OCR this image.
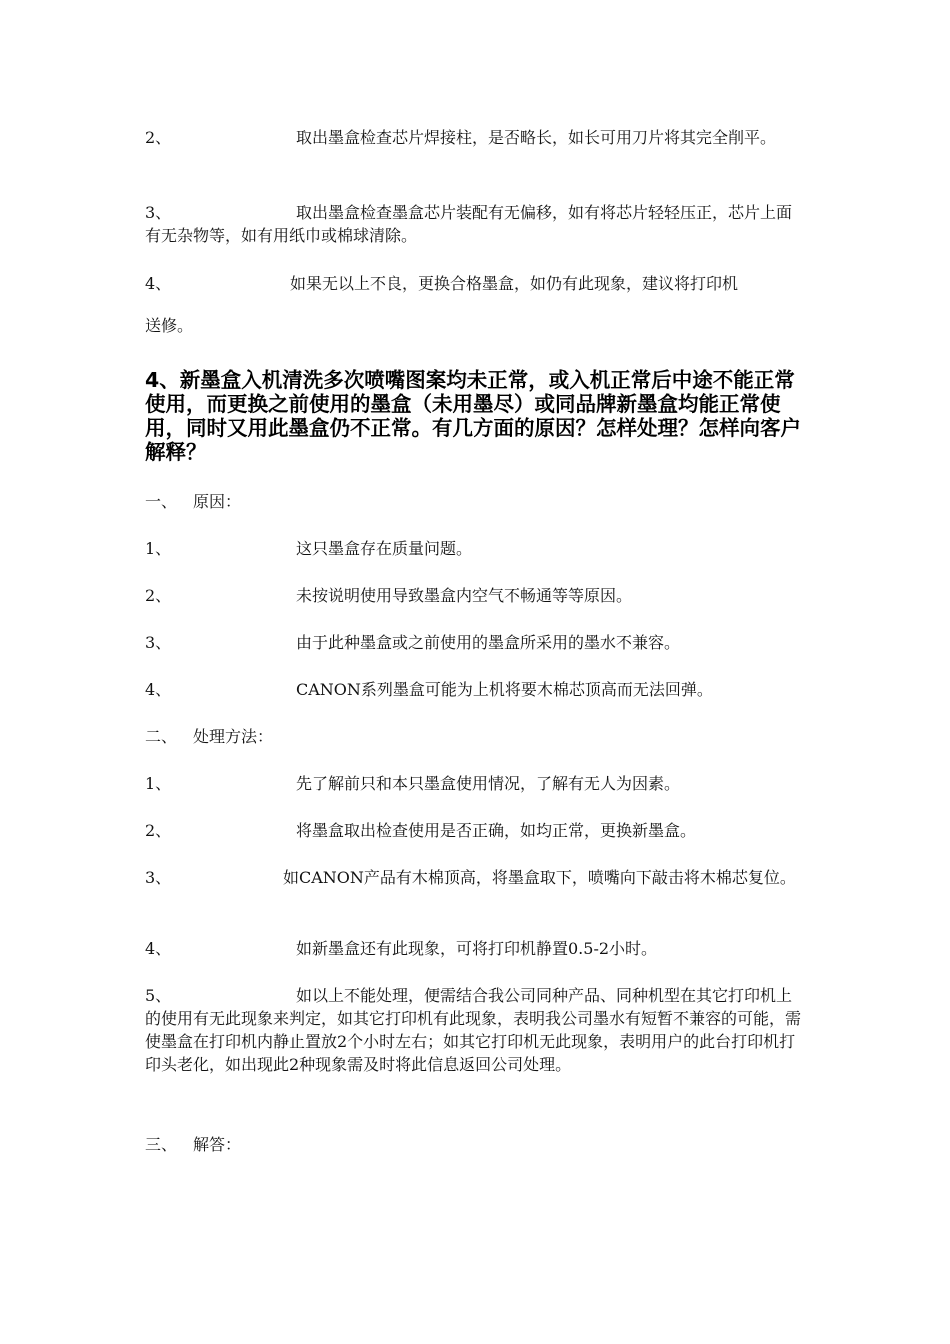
2、	取出墨盒检查芯片焊接柱，是否略长，如长可用刀片将其完全削平。

3、	取出墨盒检查墨盒芯片装配有无偏移，如有将芯片轻轻压正，芯片上面有无杂物等，如有用纸巾或棉球清除。

4、	如果无以上不良，更换合格墨盒，如仍有此现象，建议将打印机

送修。

4、新墨盒入机清洗多次喷嘴图案均未正常，或入机正常后中途不能正常使用，而更换之前使用的墨盒（未用墨尽）或同品牌新墨盒均能正常使用，同时又用此墨盒仍不正常。有几方面的原因？怎样处理？怎样向客户解释？

一、 原因：

1、	这只墨盒存在质量问题。

2、	未按说明使用导致墨盒内空气不畅通等等原因。

3、	由于此种墨盒或之前使用的墨盒所采用的墨水不兼容。

4、	CANON系列墨盒可能为上机将要木棉芯顶高而无法回弹。

二、 处理方法：

1、	先了解前只和本只墨盒使用情况，了解有无人为因素。

2、	将墨盒取出检查使用是否正确，如均正常，更换新墨盒。

3、	如CANON产品有木棉顶高，将墨盒取下，喷嘴向下敲击将木棉芯复位。

4、	如新墨盒还有此现象，可将打印机静置0.5-2小时。

5、	如以上不能处理，便需结合我公司同种产品、同种机型在其它打印机上的使用有无此现象来判定，如其它打印机有此现象，表明我公司墨水有短暂不兼容的可能，需使墨盒在打印机内静止置放2个小时左右；如其它打印机无此现象，表明用户的此台打印机打印头老化，如出现此2种现象需及时将此信息返回公司处理。

三、 解答：
